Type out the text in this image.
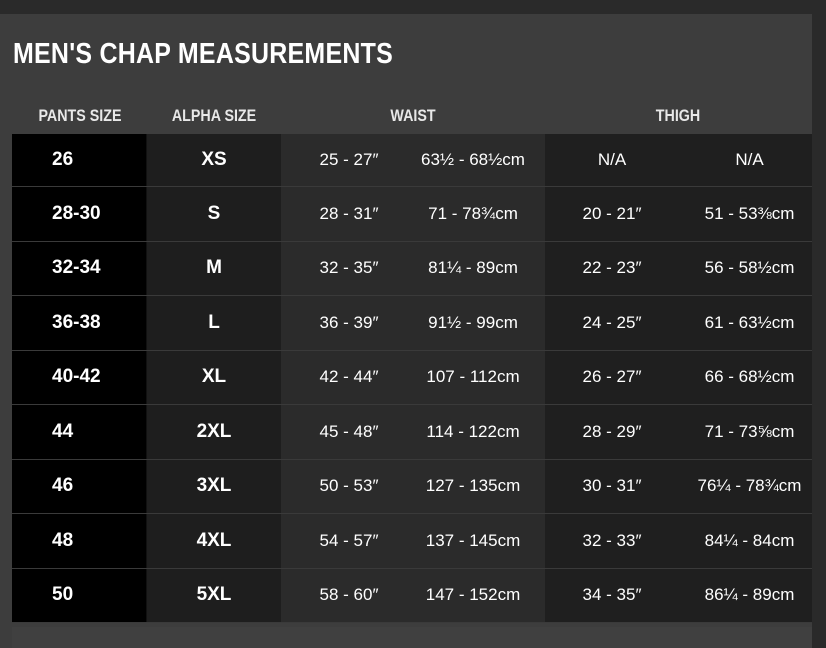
MEN'S CHAP MEASUREMENTS
PANTS SIZE	ALPHA SIZE	WAIST	THIGH
26	XS	25 - 27″	63½ - 68½cm	N/A	N/A
28-30	S	28 - 31″	71 - 78¾cm	20 - 21″	51 - 53⅜cm
32-34	M	32 - 35″	81¼ - 89cm	22 - 23″	56 - 58½cm
36-38	L	36 - 39″	91½ - 99cm	24 - 25″	61 - 63½cm
40-42	XL	42 - 44″	107 - 112cm	26 - 27″	66 - 68½cm
44	2XL	45 - 48″	114 - 122cm	28 - 29″	71 - 73⅝cm
46	3XL	50 - 53″	127 - 135cm	30 - 31″	76¼ - 78¾cm
48	4XL	54 - 57″	137 - 145cm	32 - 33″	84¼ - 84cm
50	5XL	58 - 60″	147 - 152cm	34 - 35″	86¼ - 89cm
